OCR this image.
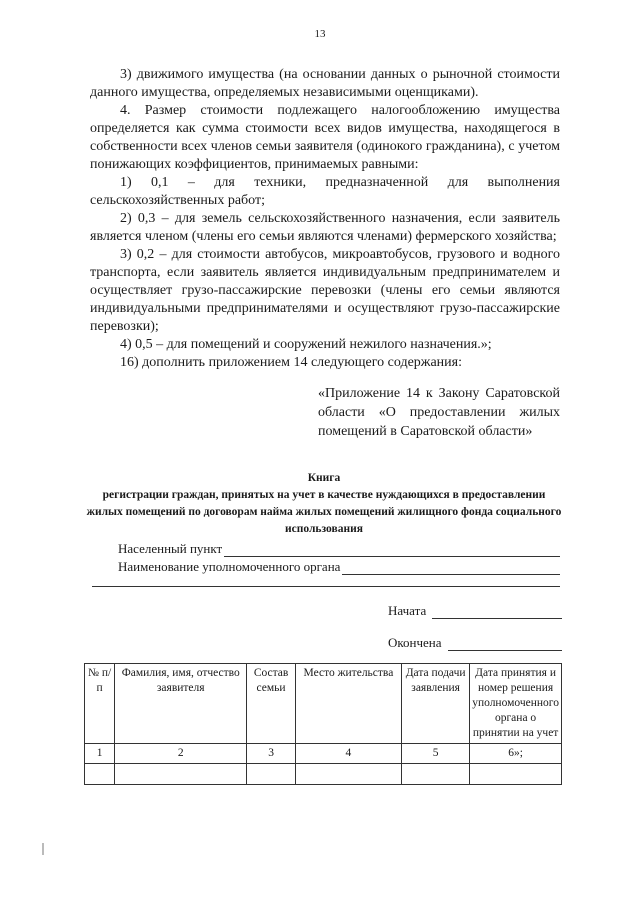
13

3) движимого имущества (на основании данных о рыночной стоимости данного имущества, определяемых независимыми оценщиками).

4. Размер стоимости подлежащего налогообложению имущества определяется как сумма стоимости всех видов имущества, находящегося в собственности всех членов семьи заявителя (одинокого гражданина), с учетом понижающих коэффициентов, принимаемых равными:

1) 0,1 – для техники, предназначенной для выполнения сельскохозяйственных работ;

2) 0,3 – для земель сельскохозяйственного назначения, если заявитель является членом (члены его семьи являются членами) фермерского хозяйства;

3) 0,2 – для стоимости автобусов, микроавтобусов, грузового и водного транспорта, если заявитель является индивидуальным предпринимателем и осуществляет грузо-пассажирские перевозки (члены его семьи являются индивидуальными предпринимателями и осуществляют грузо-пассажирские перевозки);

4) 0,5 – для помещений и сооружений нежилого назначения.»;

16) дополнить приложением 14 следующего содержания:

«Приложение 14 к Закону Саратовской области «О предоставлении жилых помещений в Саратовской области»
Книга
регистрации граждан, принятых на учет в качестве нуждающихся в предоставлении жилых помещений по договорам найма жилых помещений жилищного фонда социального использования
Населенный пункт
Наименование уполномоченного органа
Начата
Окончена
№ п/п	Фамилия, имя, отчество заявителя	Состав семьи	Место жительства	Дата подачи заявления	Дата принятия и номер решения уполномоченного органа о принятии на учет
1	2	3	4	5	6»;
